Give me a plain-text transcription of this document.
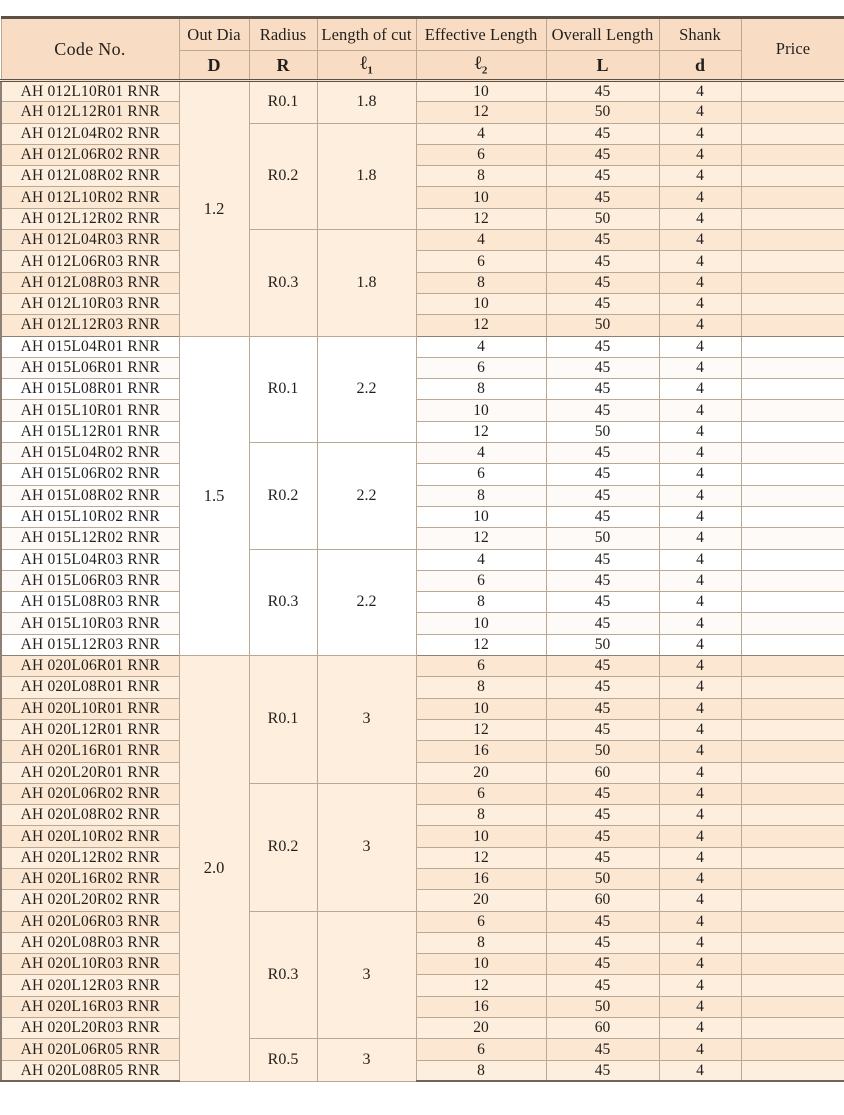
Code No.	Out Dia	Radius	Length of cut	Effective Length	Overall Length	Shank	Price
	D	R	ℓ$_1$	ℓ$_2$	L	d	
AH 012L10R01 RNR	1.2	R0.1	1.8	10	45	4	
AH 012L12R01 RNR				12	50	4	
AH 012L04R02 RNR		R0.2	1.8	4	45	4	
AH 012L06R02 RNR				6	45	4	
AH 012L08R02 RNR				8	45	4	
AH 012L10R02 RNR				10	45	4	
AH 012L12R02 RNR				12	50	4	
AH 012L04R03 RNR		R0.3	1.8	4	45	4	
AH 012L06R03 RNR				6	45	4	
AH 012L08R03 RNR				8	45	4	
AH 012L10R03 RNR				10	45	4	
AH 012L12R03 RNR				12	50	4	
AH 015L04R01 RNR	1.5	R0.1	2.2	4	45	4	
AH 015L06R01 RNR				6	45	4	
AH 015L08R01 RNR				8	45	4	
AH 015L10R01 RNR				10	45	4	
AH 015L12R01 RNR				12	50	4	
AH 015L04R02 RNR		R0.2	2.2	4	45	4	
AH 015L06R02 RNR				6	45	4	
AH 015L08R02 RNR				8	45	4	
AH 015L10R02 RNR				10	45	4	
AH 015L12R02 RNR				12	50	4	
AH 015L04R03 RNR		R0.3	2.2	4	45	4	
AH 015L06R03 RNR				6	45	4	
AH 015L08R03 RNR				8	45	4	
AH 015L10R03 RNR				10	45	4	
AH 015L12R03 RNR				12	50	4	
AH 020L06R01 RNR	2.0	R0.1	3	6	45	4	
AH 020L08R01 RNR				8	45	4	
AH 020L10R01 RNR				10	45	4	
AH 020L12R01 RNR				12	45	4	
AH 020L16R01 RNR				16	50	4	
AH 020L20R01 RNR				20	60	4	
AH 020L06R02 RNR		R0.2	3	6	45	4	
AH 020L08R02 RNR				8	45	4	
AH 020L10R02 RNR				10	45	4	
AH 020L12R02 RNR				12	45	4	
AH 020L16R02 RNR				16	50	4	
AH 020L20R02 RNR				20	60	4	
AH 020L06R03 RNR		R0.3	3	6	45	4	
AH 020L08R03 RNR				8	45	4	
AH 020L10R03 RNR				10	45	4	
AH 020L12R03 RNR				12	45	4	
AH 020L16R03 RNR				16	50	4	
AH 020L20R03 RNR				20	60	4	
AH 020L06R05 RNR		R0.5	3	6	45	4	
AH 020L08R05 RNR				8	45	4	
